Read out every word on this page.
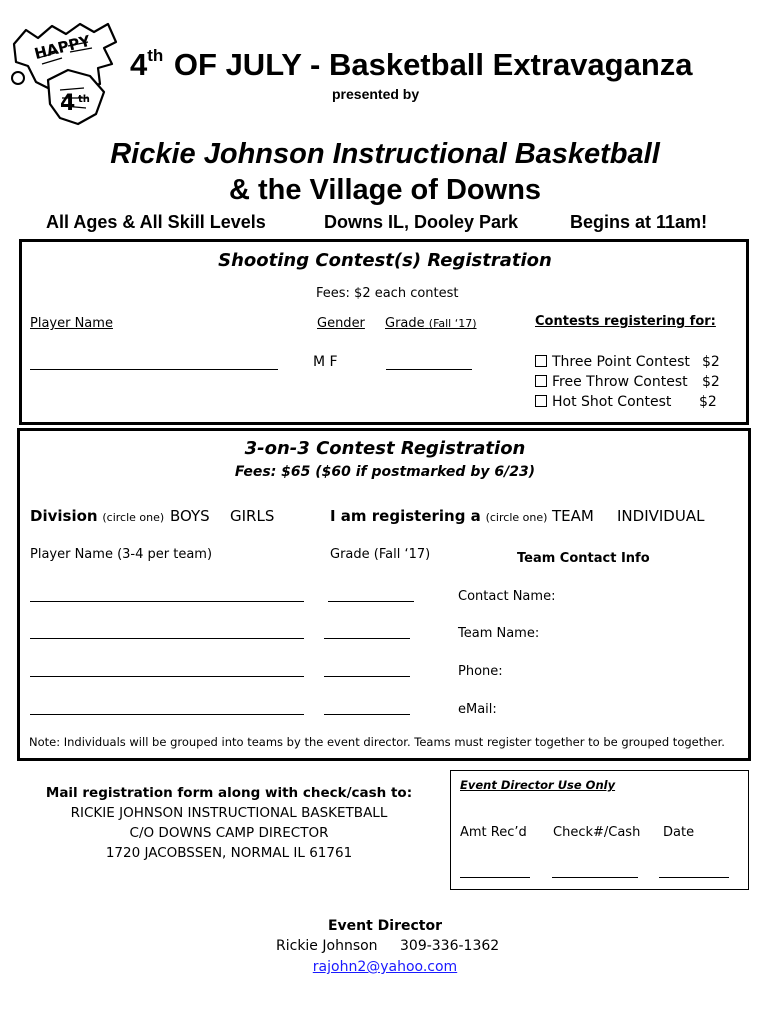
HAPPY
4 th
4th OF JULY - Basketball Extravaganza
presented by
Rickie Johnson Instructional Basketball
& the Village of Downs
All Ages & All Skill Levels	Downs IL, Dooley Park	Begins at 11am!
Shooting Contest(s) Registration
Fees: $2 each contest
Player Name	Gender Grade (Fall ‘17)	Contests registering for:
M F	Three Point Contest $2
Free Throw Contest $2
Hot Shot Contest $2
3-on-3 Contest Registration
Fees: $65 ($60 if postmarked by 6/23)
Division (circle one) BOYS GIRLS	I am registering a (circle one) TEAM INDIVIDUAL
Player Name (3-4 per team)	Grade (Fall ‘17)	Team Contact Info
Contact Name:
Team Name:
Phone:
eMail:
Note: Individuals will be grouped into teams by the event director. Teams must register together to be grouped together.
Mail registration form along with check/cash to:
RICKIE JOHNSON INSTRUCTIONAL BASKETBALL
C/O DOWNS CAMP DIRECTOR
1720 JACOBSSEN, NORMAL IL 61761
Event Director Use Only
Amt Rec’d Check#/Cash Date
Event Director
Rickie Johnson 309-336-1362
rajohn2@yahoo.com
